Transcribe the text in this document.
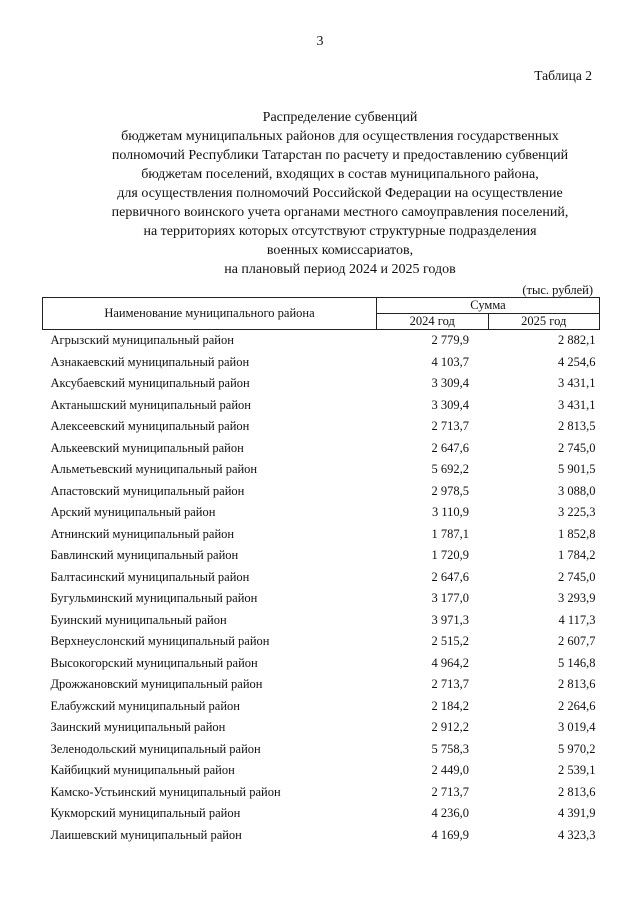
3
Таблица 2
Распределение субвенций
бюджетам муниципальных районов для осуществления государственных
полномочий Республики Татарстан по расчету и предоставлению субвенций
бюджетам поселений, входящих в состав муниципального района,
для осуществления полномочий Российской Федерации на осуществление
первичного воинского учета органами местного самоуправления поселений,
на территориях которых отсутствуют структурные подразделения
военных комиссариатов,
на плановый период 2024 и 2025 годов
(тыс. рублей)
Наименование муниципального района	Сумма	
	2024 год	2025 год
Агрызский муниципальный район	2 779,9	2 882,1
Азнакаевский муниципальный район	4 103,7	4 254,6
Аксубаевский муниципальный район	3 309,4	3 431,1
Актанышский муниципальный район	3 309,4	3 431,1
Алексеевский муниципальный район	2 713,7	2 813,5
Алькеевский муниципальный район	2 647,6	2 745,0
Альметьевский муниципальный район	5 692,2	5 901,5
Апастовский муниципальный район	2 978,5	3 088,0
Арский муниципальный район	3 110,9	3 225,3
Атнинский муниципальный район	1 787,1	1 852,8
Бавлинский муниципальный район	1 720,9	1 784,2
Балтасинский муниципальный район	2 647,6	2 745,0
Бугульминский муниципальный район	3 177,0	3 293,9
Буинский муниципальный район	3 971,3	4 117,3
Верхнеуслонский муниципальный район	2 515,2	2 607,7
Высокогорский муниципальный район	4 964,2	5 146,8
Дрожжановский муниципальный район	2 713,7	2 813,6
Елабужский муниципальный район	2 184,2	2 264,6
Заинский муниципальный район	2 912,2	3 019,4
Зеленодольский муниципальный район	5 758,3	5 970,2
Кайбицкий муниципальный район	2 449,0	2 539,1
Камско-Устьинский муниципальный район	2 713,7	2 813,6
Кукморский муниципальный район	4 236,0	4 391,9
Лаишевский муниципальный район	4 169,9	4 323,3
